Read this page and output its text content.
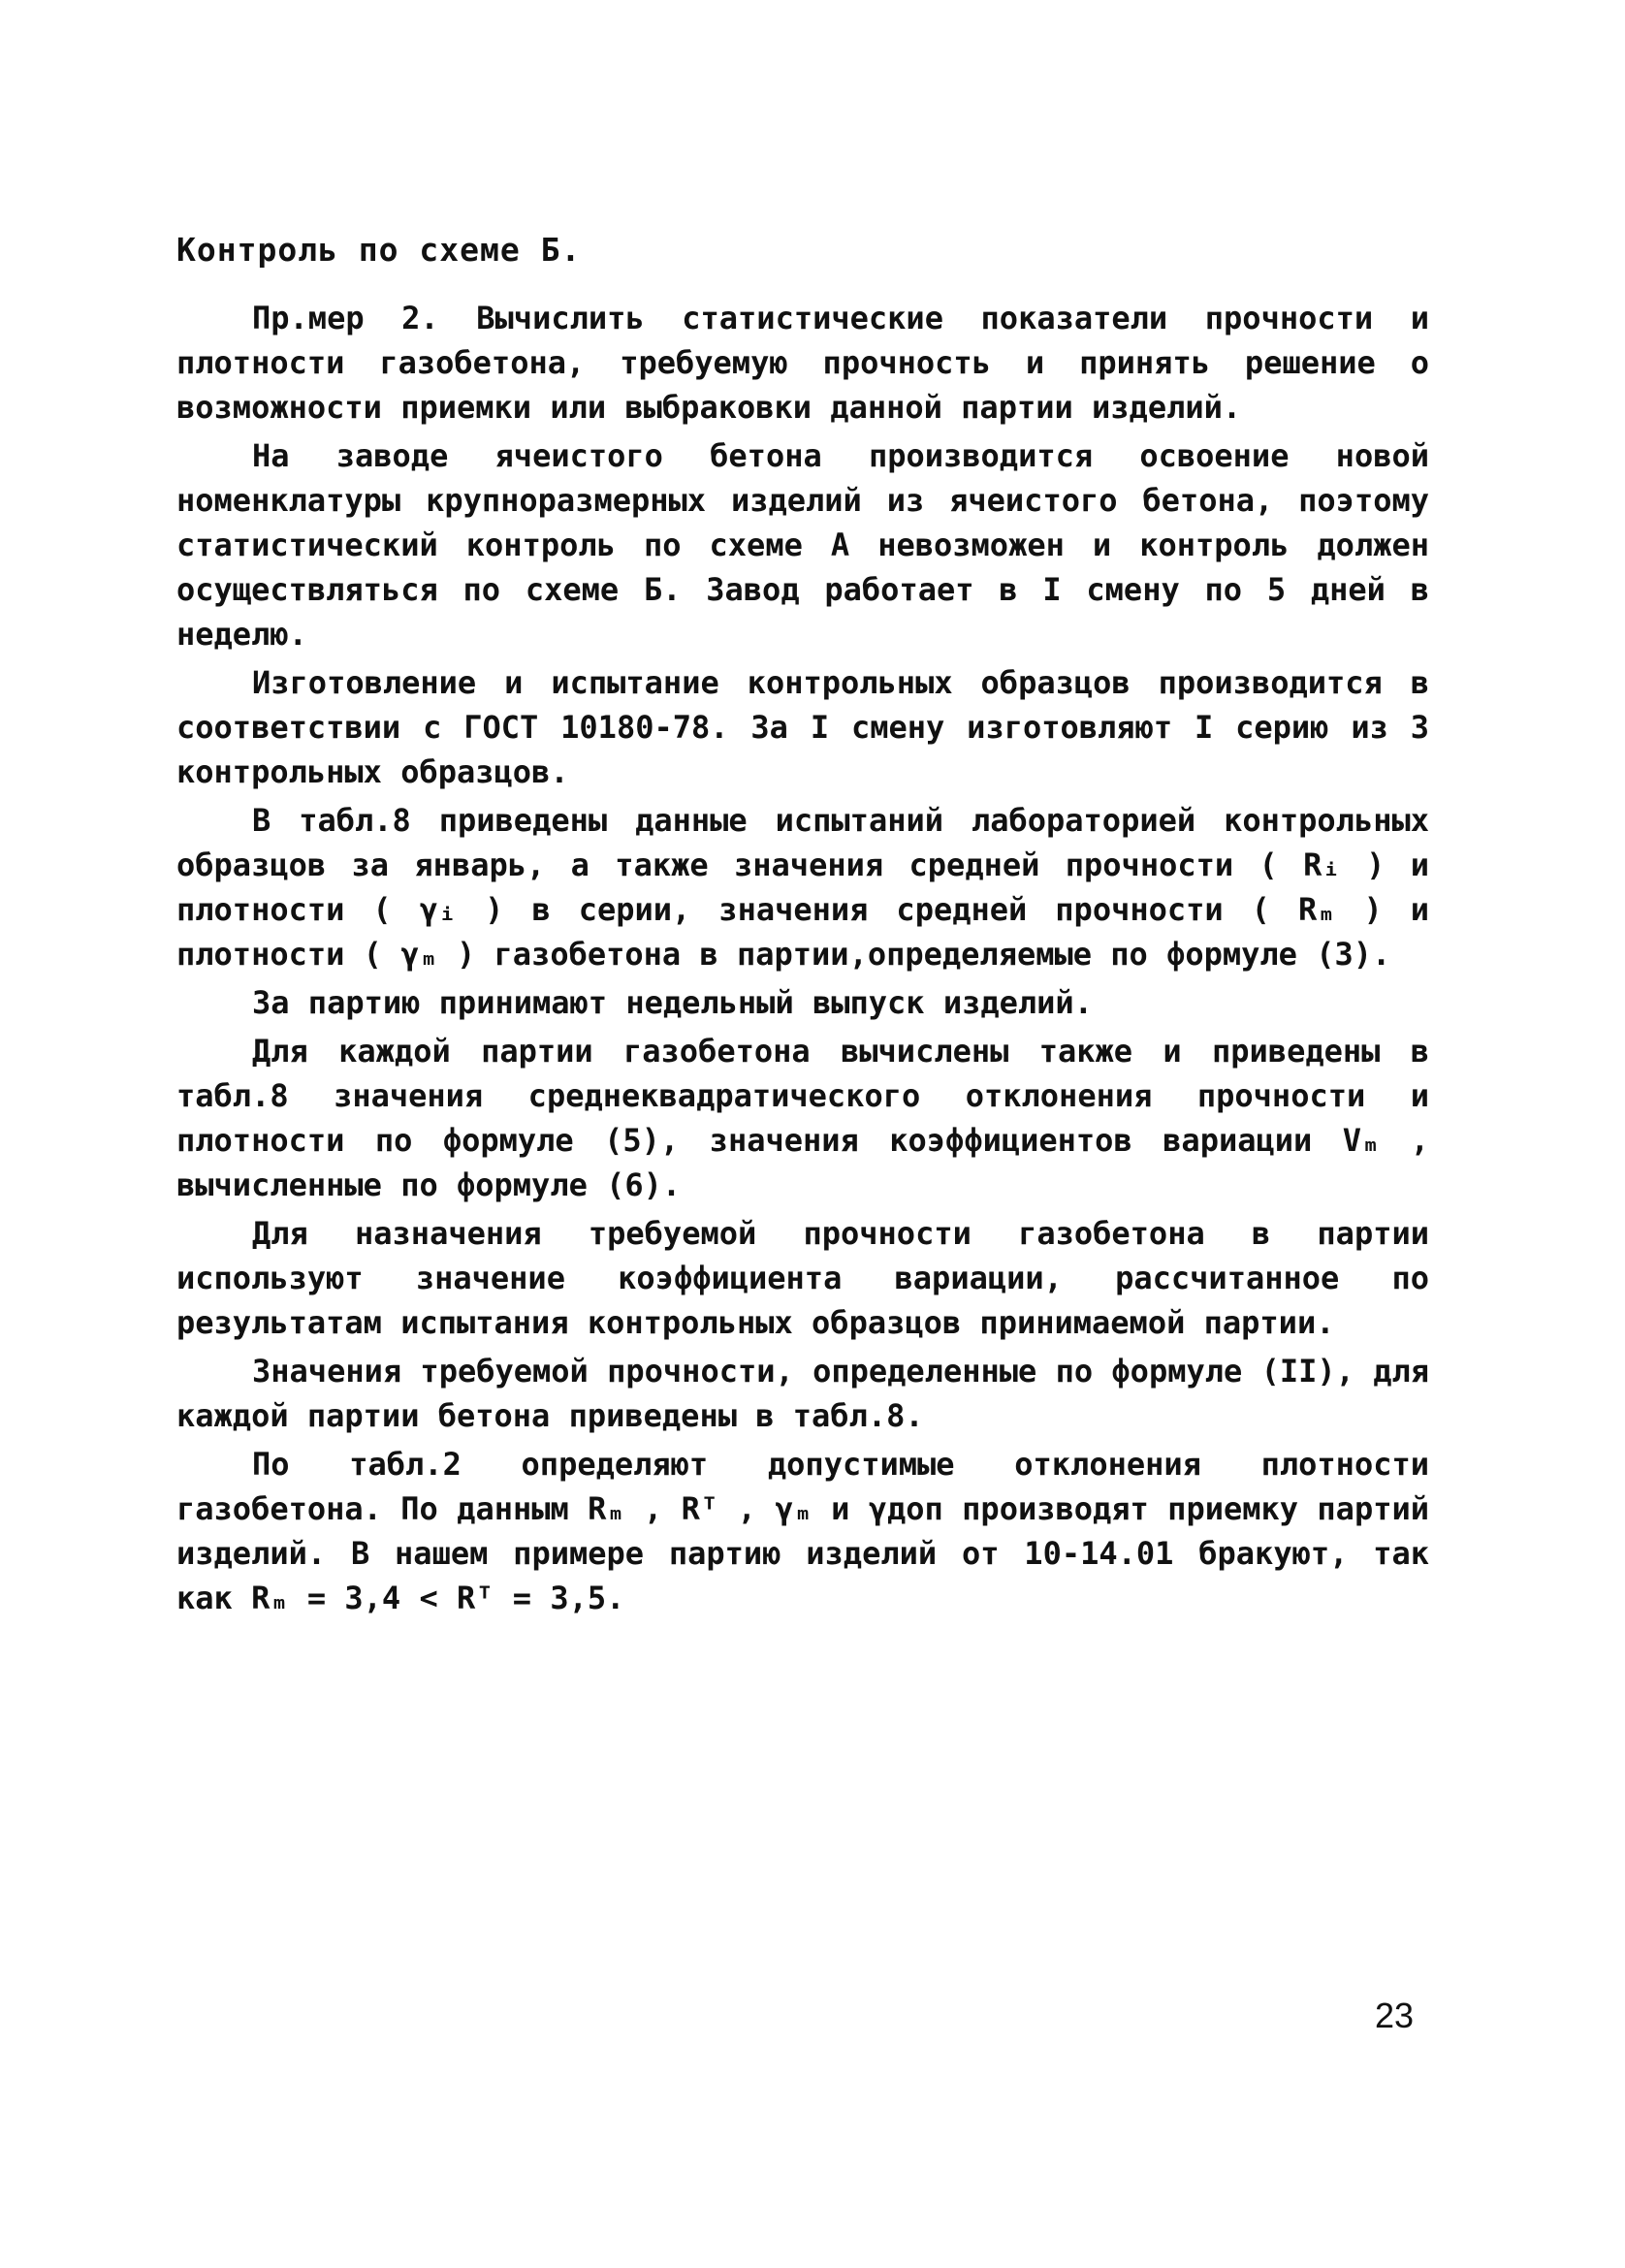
Контроль по схеме Б.

Пр.мер 2. Вычислить статистические показатели прочности и плотности газобетона, требуемую прочность и принять решение о возможности приемки или выбраковки данной партии изделий.

На заводе ячеистого бетона производится освоение новой номенклатуры крупноразмерных изделий из ячеистого бетона, поэтому статистический контроль по схеме А невозможен и контроль должен осуществляться по схеме Б. Завод работает в I смену по 5 дней в неделю.

Изготовление и испытание контрольных образцов производится в соответствии с ГОСТ 10180-78. За I смену изготовляют I серию из 3 контрольных образцов.

В табл.8 приведены данные испытаний лабораторией контрольных образцов за январь, а также значения средней прочности ( Rᵢ ) и плотности ( γᵢ ) в серии, значения средней прочности ( Rₘ ) и плотности ( γₘ ) газобетона в партии,определяемые по формуле (3).

За партию принимают недельный выпуск изделий.

Для каждой партии газобетона вычислены также и приведены в табл.8 значения среднеквадратического отклонения прочности и плотности по формуле (5), значения коэффициентов вариации Vₘ , вычисленные по формуле (6).

Для назначения требуемой прочности газобетона в партии используют значение коэффициента вариации, рассчитанное по результатам испытания контрольных образцов принимаемой партии.

Значения требуемой прочности, определенные по формуле (II), для каждой партии бетона приведены в табл.8.

По табл.2 определяют допустимые отклонения плотности газобетона. По данным Rₘ , Rᵀ , γₘ и γдоп производят приемку партий изделий. В нашем примере партию изделий от 10-14.01 бракуют, так как Rₘ = 3,4 < Rᵀ = 3,5.

23
